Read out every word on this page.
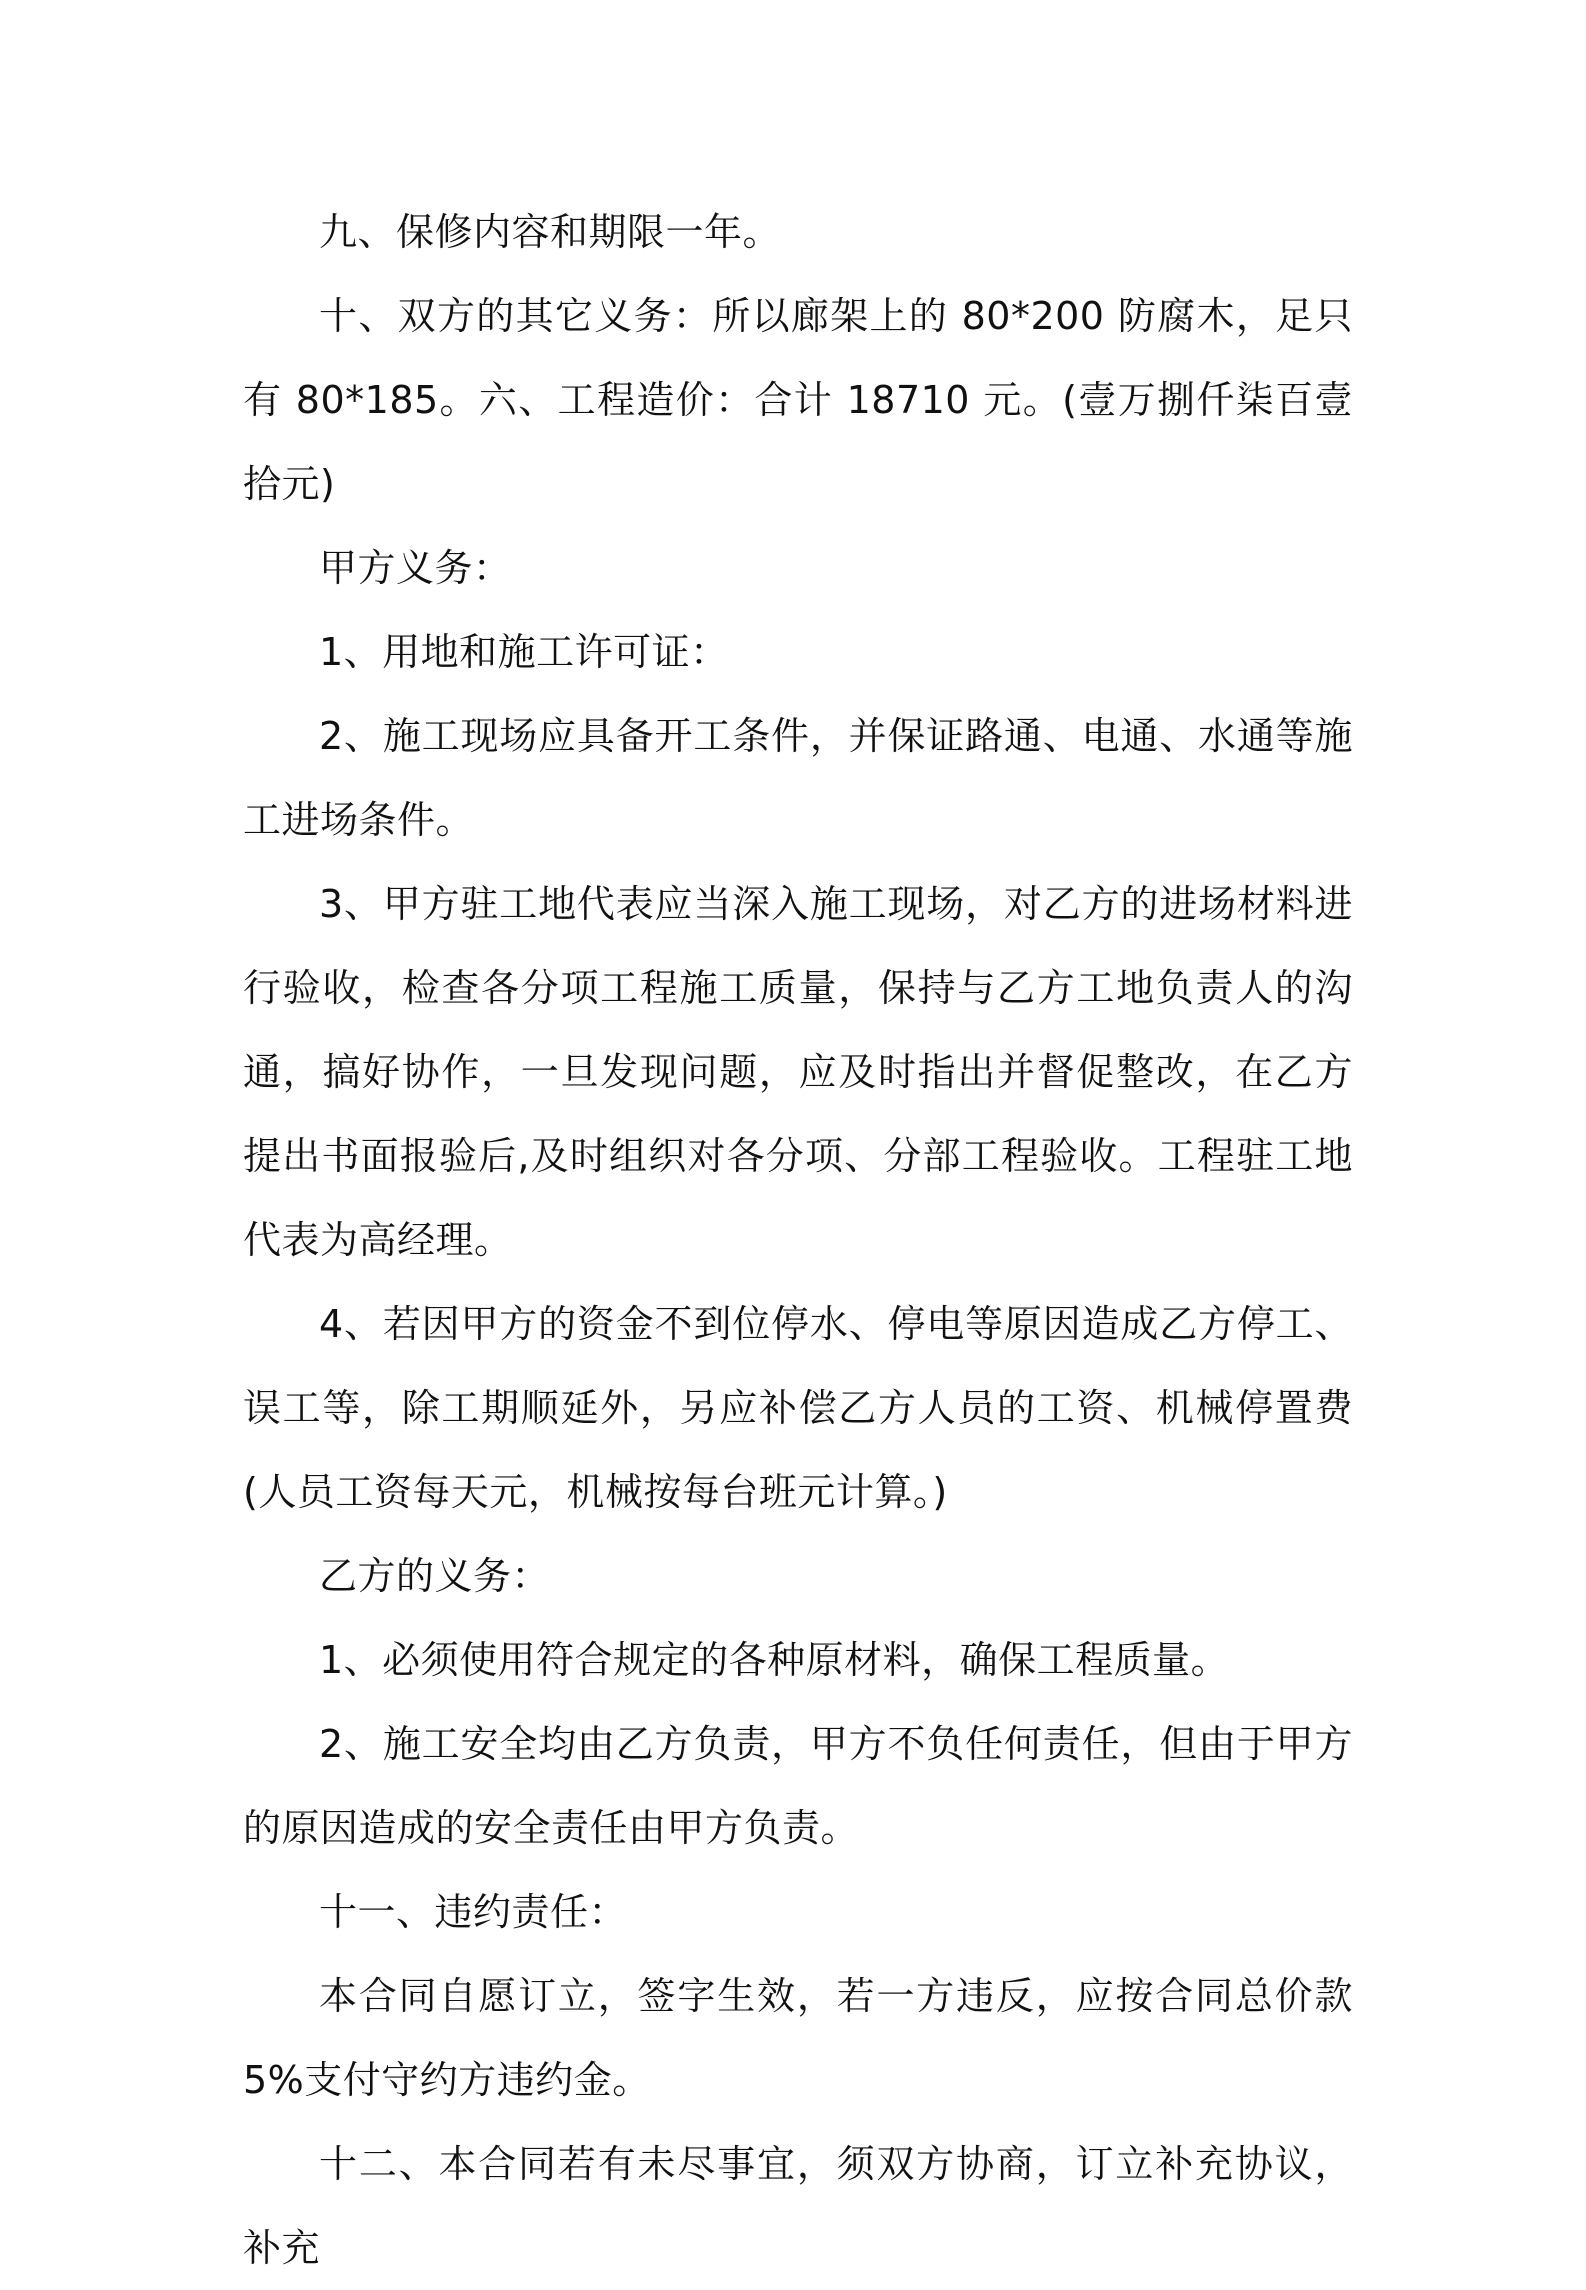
九、保修内容和期限一年。

十、双方的其它义务：所以廊架上的 80*200 防腐木，足只有 80*185。六、工程造价：合计 18710 元。(壹万捌仟柒百壹拾元)

甲方义务：

1、用地和施工许可证：

2、施工现场应具备开工条件，并保证路通、电通、水通等施工进场条件。

3、甲方驻工地代表应当深入施工现场，对乙方的进场材料进行验收，检查各分项工程施工质量，保持与乙方工地负责人的沟通，搞好协作，一旦发现问题，应及时指出并督促整改，在乙方提出书面报验后,及时组织对各分项、分部工程验收。工程驻工地代表为高经理。

4、若因甲方的资金不到位停水、停电等原因造成乙方停工、误工等，除工期顺延外，另应补偿乙方人员的工资、机械停置费(人员工资每天元，机械按每台班元计算。)

乙方的义务：

1、必须使用符合规定的各种原材料，确保工程质量。

2、施工安全均由乙方负责，甲方不负任何责任，但由于甲方的原因造成的安全责任由甲方负责。

十一、违约责任：

本合同自愿订立，签字生效，若一方违反，应按合同总价款 5%支付守约方违约金。

十二、本合同若有未尽事宜，须双方协商，订立补充协议，补充
